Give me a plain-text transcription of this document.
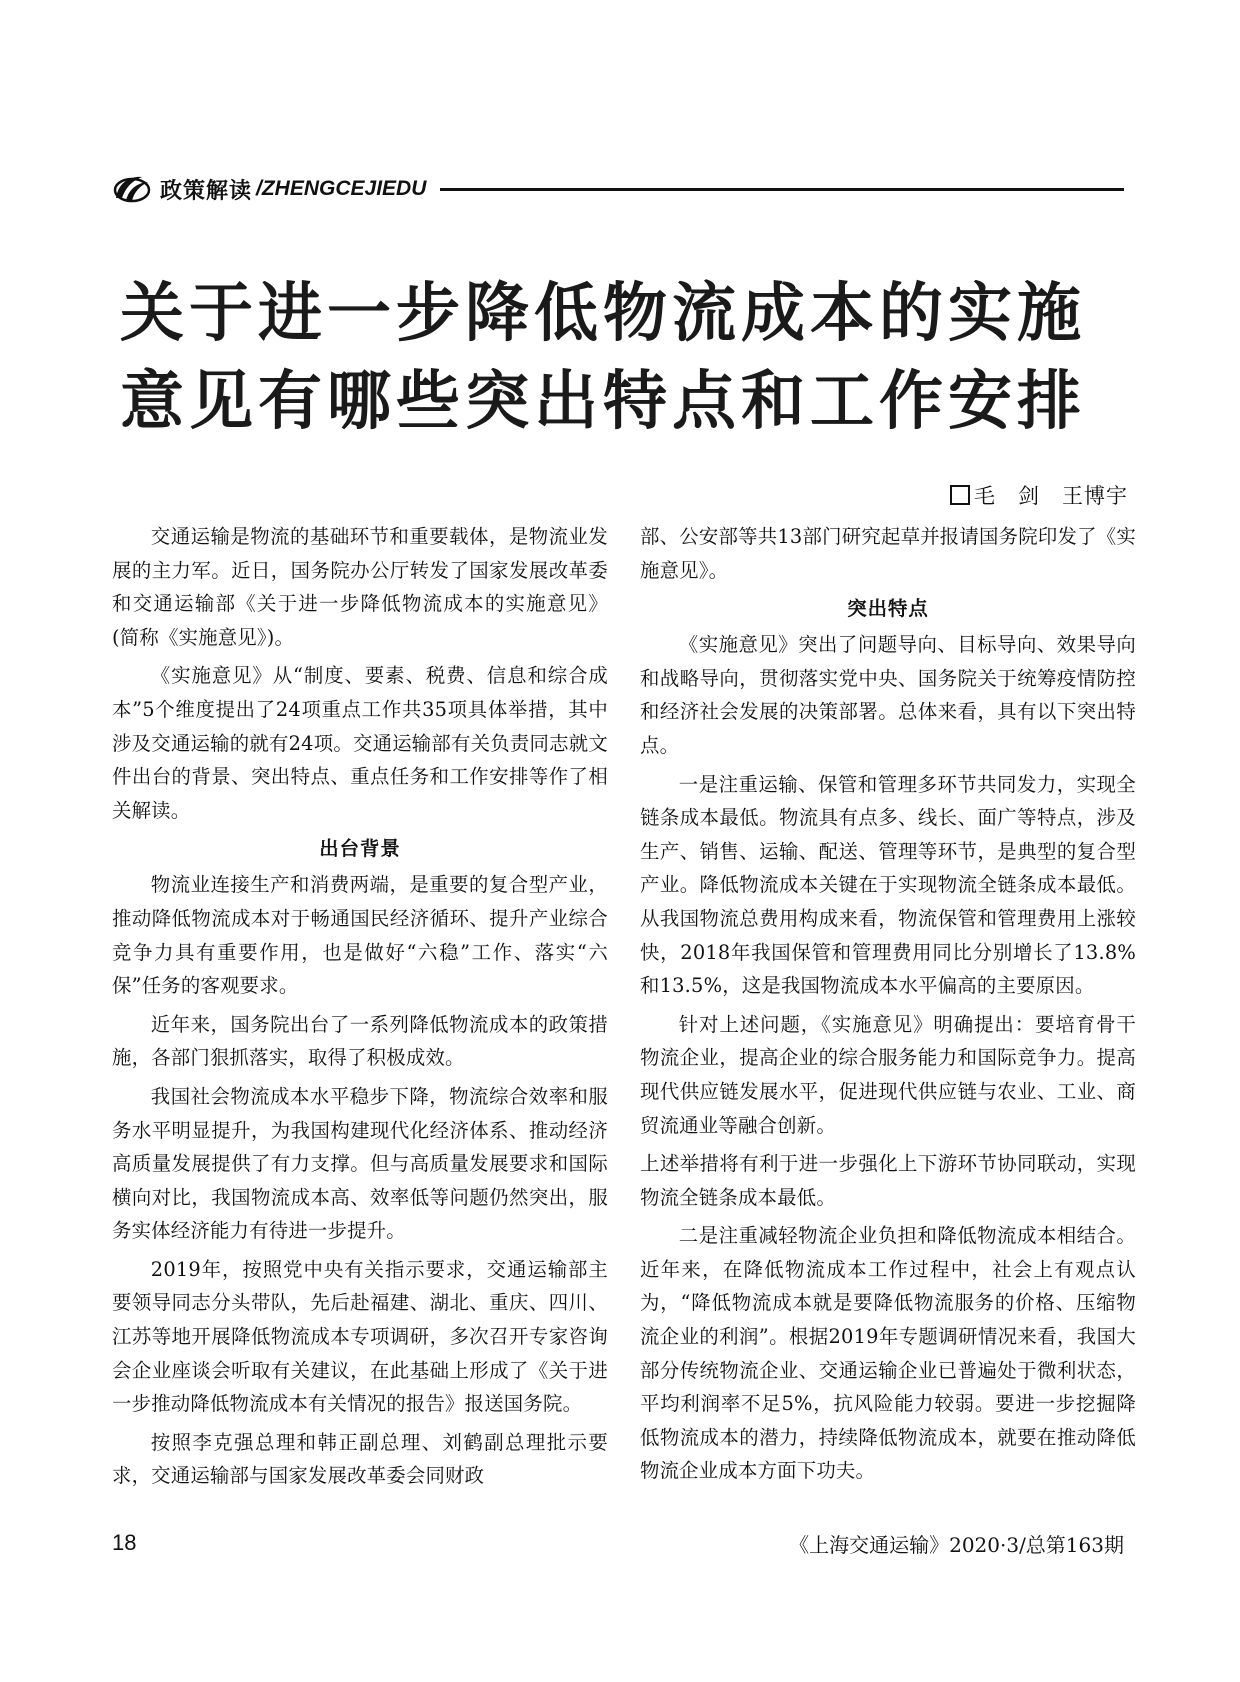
政策解读 /ZHENGCEJIEDU
关于进一步降低物流成本的实施
意见有哪些突出特点和工作安排
毛　剑　王博宇

交通运输是物流的基础环节和重要载体，是物流业发展的主力军。近日，国务院办公厅转发了国家发展改革委和交通运输部《关于进一步降低物流成本的实施意见》(简称《实施意见》)。

《实施意见》从“制度、要素、税费、信息和综合成本”5个维度提出了24项重点工作共35项具体举措，其中涉及交通运输的就有24项。交通运输部有关负责同志就文件出台的背景、突出特点、重点任务和工作安排等作了相关解读。

出台背景

物流业连接生产和消费两端，是重要的复合型产业，推动降低物流成本对于畅通国民经济循环、提升产业综合竞争力具有重要作用，也是做好“六稳”工作、落实“六保”任务的客观要求。

近年来，国务院出台了一系列降低物流成本的政策措施，各部门狠抓落实，取得了积极成效。

我国社会物流成本水平稳步下降，物流综合效率和服务水平明显提升，为我国构建现代化经济体系、推动经济高质量发展提供了有力支撑。但与高质量发展要求和国际横向对比，我国物流成本高、效率低等问题仍然突出，服务实体经济能力有待进一步提升。

2019年，按照党中央有关指示要求，交通运输部主要领导同志分头带队，先后赴福建、湖北、重庆、四川、江苏等地开展降低物流成本专项调研，多次召开专家咨询会企业座谈会听取有关建议，在此基础上形成了《关于进一步推动降低物流成本有关情况的报告》报送国务院。

按照李克强总理和韩正副总理、刘鹤副总理批示要求，交通运输部与国家发展改革委会同财政

部、公安部等共13部门研究起草并报请国务院印发了《实施意见》。

突出特点

《实施意见》突出了问题导向、目标导向、效果导向和战略导向，贯彻落实党中央、国务院关于统筹疫情防控和经济社会发展的决策部署。总体来看，具有以下突出特点。

一是注重运输、保管和管理多环节共同发力，实现全链条成本最低。物流具有点多、线长、面广等特点，涉及生产、销售、运输、配送、管理等环节，是典型的复合型产业。降低物流成本关键在于实现物流全链条成本最低。从我国物流总费用构成来看，物流保管和管理费用上涨较快，2018年我国保管和管理费用同比分别增长了13.8%和13.5%，这是我国物流成本水平偏高的主要原因。

针对上述问题，《实施意见》明确提出：要培育骨干物流企业，提高企业的综合服务能力和国际竞争力。提高现代供应链发展水平，促进现代供应链与农业、工业、商贸流通业等融合创新。

上述举措将有利于进一步强化上下游环节协同联动，实现物流全链条成本最低。

二是注重减轻物流企业负担和降低物流成本相结合。近年来，在降低物流成本工作过程中，社会上有观点认为，“降低物流成本就是要降低物流服务的价格、压缩物流企业的利润”。根据2019年专题调研情况来看，我国大部分传统物流企业、交通运输企业已普遍处于微利状态，平均利润率不足5%，抗风险能力较弱。要进一步挖掘降低物流成本的潜力，持续降低物流成本，就要在推动降低物流企业成本方面下功夫。

18	《上海交通运输》2020·3/总第163期
